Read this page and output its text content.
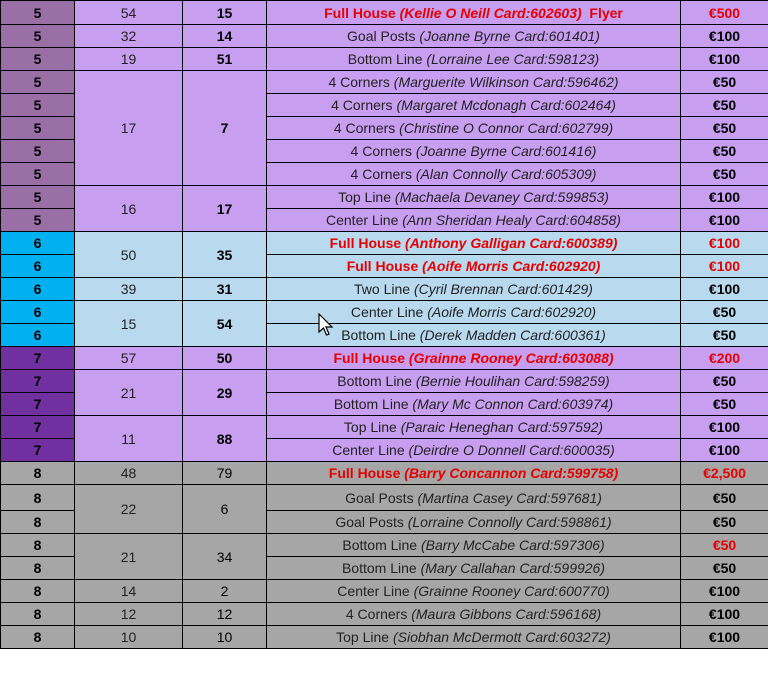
5	54	15	Full House (Kellie O Neill Card:602603) Flyer	€500
5	32	14	Goal Posts (Joanne Byrne Card:601401)	€100
5	19	51	Bottom Line (Lorraine Lee Card:598123)	€100
5	17	7	4 Corners (Marguerite Wilkinson Card:596462)	€50
5			4 Corners (Margaret Mcdonagh Card:602464)	€50
5			4 Corners (Christine O Connor Card:602799)	€50
5			4 Corners (Joanne Byrne Card:601416)	€50
5			4 Corners (Alan Connolly Card:605309)	€50
5	16	17	Top Line (Machaela Devaney Card:599853)	€100
5			Center Line (Ann Sheridan Healy Card:604858)	€100
6	50	35	Full House (Anthony Galligan Card:600389)	€100
6			Full House (Aoife Morris Card:602920)	€100
6	39	31	Two Line (Cyril Brennan Card:601429)	€100
6	15	54	Center Line (Aoife Morris Card:602920)	€50
6			Bottom Line (Derek Madden Card:600361)	€50
7	57	50	Full House (Grainne Rooney Card:603088)	€200
7	21	29	Bottom Line (Bernie Houlihan Card:598259)	€50
7			Bottom Line (Mary Mc Connon Card:603974)	€50
7	11	88	Top Line (Paraic Heneghan Card:597592)	€100
7			Center Line (Deirdre O Donnell Card:600035)	€100
8	48	79	Full House (Barry Concannon Card:599758)	€2,500
8	22	6	Goal Posts (Martina Casey Card:597681)	€50
8			Goal Posts (Lorraine Connolly Card:598861)	€50
8	21	34	Bottom Line (Barry McCabe Card:597306)	€50
8			Bottom Line (Mary Callahan Card:599926)	€50
8	14	2	Center Line (Grainne Rooney Card:600770)	€100
8	12	12	4 Corners (Maura Gibbons Card:596168)	€100
8	10	10	Top Line (Siobhan McDermott Card:603272)	€100
